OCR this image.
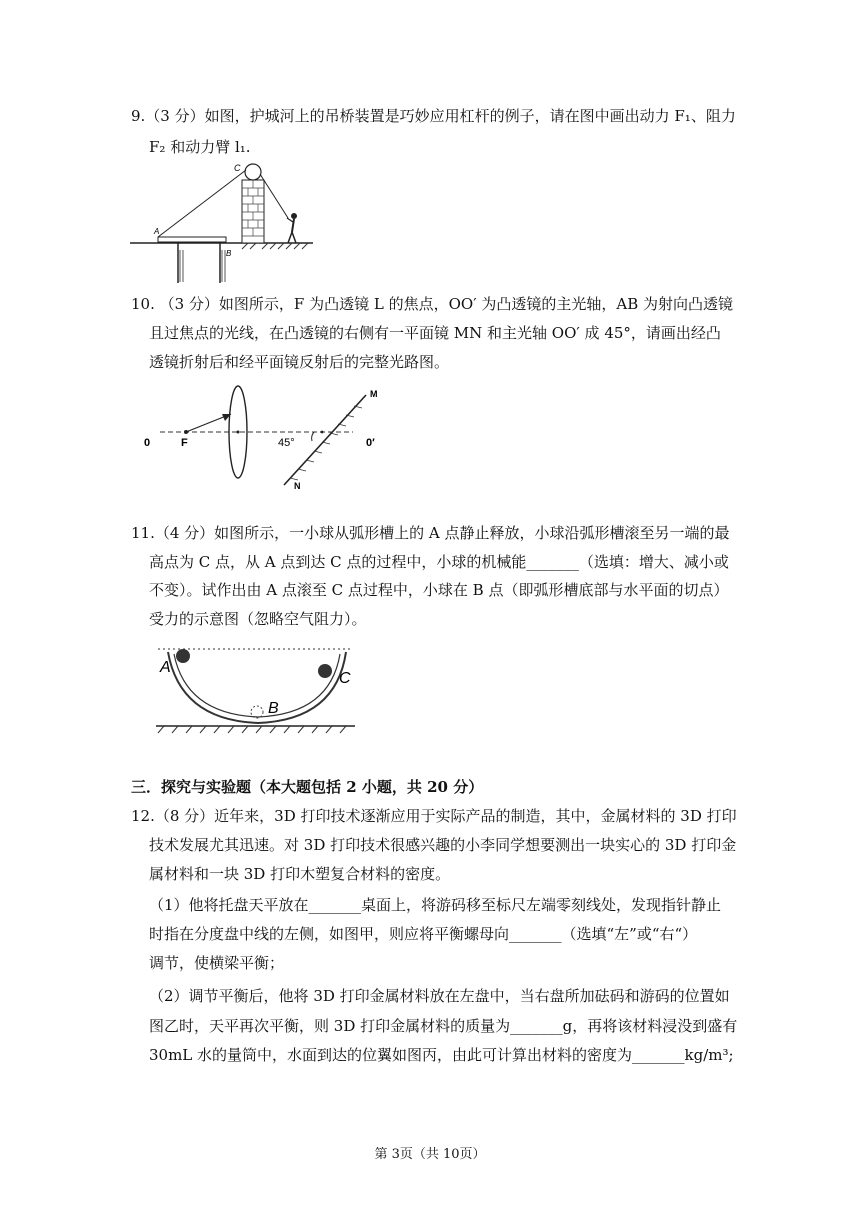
9.（3 分）如图，护城河上的吊桥装置是巧妙应用杠杆的例子，请在图中画出动力 F₁、阻力
F₂ 和动力臂 l₁.
C
A
B
10. （3 分）如图所示，F 为凸透镜 L 的焦点，OO′ 为凸透镜的主光轴，AB 为射向凸透镜
且过焦点的光线，在凸透镜的右侧有一平面镜 MN 和主光轴 OO′ 成 45°，请画出经凸
透镜折射后和经平面镜反射后的完整光路图。
0	F	45°
M
N
0′
11.（4 分）如图所示，一小球从弧形槽上的 A 点静止释放，小球沿弧形槽滚至另一端的最
高点为 C 点，从 A 点到达 C 点的过程中，小球的机械能_______（选填：增大、减小或
不变）。试作出由 A 点滚至 C 点过程中，小球在 B 点（即弧形槽底部与水平面的切点）
受力的示意图（忽略空气阻力）。
A
B
C
三．探究与实验题（本大题包括 2 小题，共 20 分）
12.（8 分）近年来，3D 打印技术逐渐应用于实际产品的制造，其中，金属材料的 3D 打印
技术发展尤其迅速。对 3D 打印技术很感兴趣的小李同学想要测出一块实心的 3D 打印金
属材料和一块 3D 打印木塑复合材料的密度。
（1）他将托盘天平放在_______桌面上，将游码移至标尺左端零刻线处，发现指针静止
时指在分度盘中线的左侧，如图甲，则应将平衡螺母向_______（选填“左”或“右“）
调节，使横梁平衡；
（2）调节平衡后，他将 3D 打印金属材料放在左盘中，当右盘所加砝码和游码的位置如
图乙时，天平再次平衡，则 3D 打印金属材料的质量为_______g，再将该材料浸没到盛有
30mL 水的量筒中，水面到达的位翼如图丙，由此可计算出材料的密度为_______kg/m³;
第 3页（共 10页）
